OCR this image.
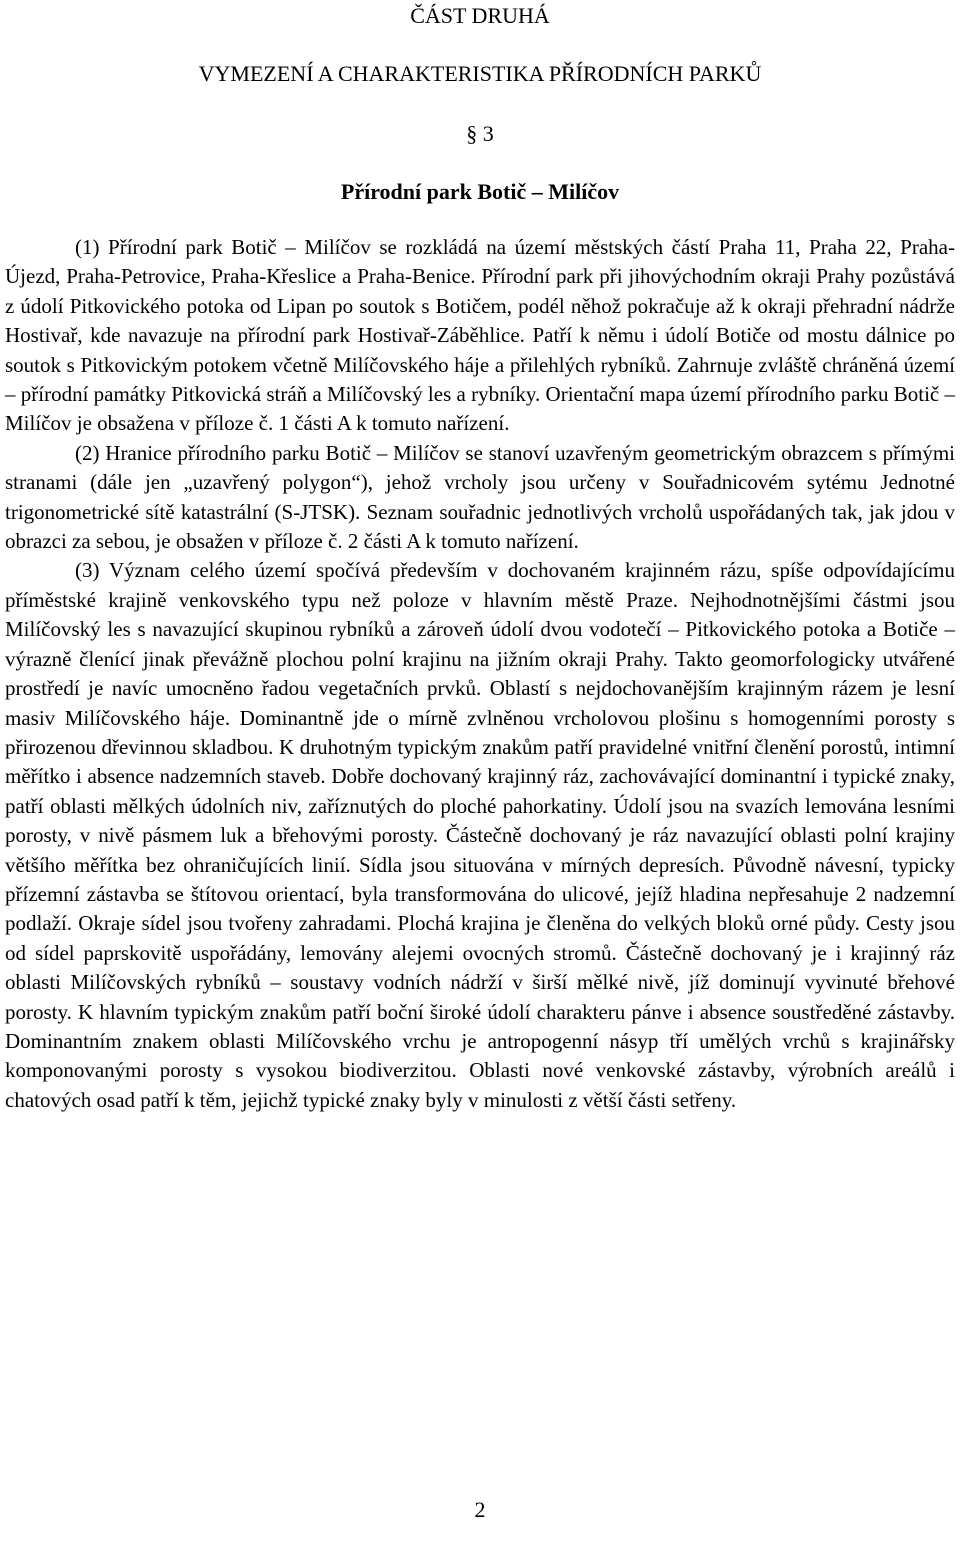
ČÁST DRUHÁ
VYMEZENÍ A CHARAKTERISTIKA PŘÍRODNÍCH PARKŮ
§ 3
Přírodní park Botič – Milíčov

(1) Přírodní park Botič – Milíčov se rozkládá na území městských částí Praha 11, Praha 22, Praha-Újezd, Praha-Petrovice, Praha-Křeslice a Praha-Benice. Přírodní park při jihovýchodním okraji Prahy pozůstává z údolí Pitkovického potoka od Lipan po soutok s Botičem, podél něhož pokračuje až k okraji přehradní nádrže Hostivař, kde navazuje na přírodní park Hostivař-Záběhlice. Patří k němu i údolí Botiče od mostu dálnice po soutok s Pitkovickým potokem včetně Milíčovského háje a přilehlých rybníků. Zahrnuje zvláště chráněná území – přírodní památky Pitkovická stráň a Milíčovský les a rybníky. Orientační mapa území přírodního parku Botič – Milíčov je obsažena v příloze č. 1 části A k tomuto nařízení.

(2) Hranice přírodního parku Botič – Milíčov se stanoví uzavřeným geometrickým obrazcem s přímými stranami (dále jen „uzavřený polygon“), jehož vrcholy jsou určeny v Souřadnicovém sytému Jednotné trigonometrické sítě katastrální (S-JTSK). Seznam souřadnic jednotlivých vrcholů uspořádaných tak, jak jdou v obrazci za sebou, je obsažen v příloze č. 2 části A k tomuto nařízení.

(3) Význam celého území spočívá především v dochovaném krajinném rázu, spíše odpovídajícímu příměstské krajině venkovského typu než poloze v hlavním městě Praze. Nejhodnotnějšími částmi jsou Milíčovský les s navazující skupinou rybníků a zároveň údolí dvou vodotečí – Pitkovického potoka a Botiče – výrazně členící jinak převážně plochou polní krajinu na jižním okraji Prahy. Takto geomorfologicky utvářené prostředí je navíc umocněno řadou vegetačních prvků. Oblastí s nejdochovanějším krajinným rázem je lesní masiv Milíčovského háje. Dominantně jde o mírně zvlněnou vrcholovou plošinu s homogenními porosty s přirozenou dřevinnou skladbou. K druhotným typickým znakům patří pravidelné vnitřní členění porostů, intimní měřítko i absence nadzemních staveb. Dobře dochovaný krajinný ráz, zachovávající dominantní i typické znaky, patří oblasti mělkých údolních niv, zaříznutých do ploché pahorkatiny. Údolí jsou na svazích lemována lesními porosty, v nivě pásmem luk a břehovými porosty. Částečně dochovaný je ráz navazující oblasti polní krajiny většího měřítka bez ohraničujících linií. Sídla jsou situována v mírných depresích. Původně návesní, typicky přízemní zástavba se štítovou orientací, byla transformována do ulicové, jejíž hladina nepřesahuje 2 nadzemní podlaží. Okraje sídel jsou tvořeny zahradami. Plochá krajina je členěna do velkých bloků orné půdy. Cesty jsou od sídel paprskovitě uspořádány, lemovány alejemi ovocných stromů. Částečně dochovaný je i krajinný ráz oblasti Milíčovských rybníků – soustavy vodních nádrží v širší mělké nivě, jíž dominují vyvinuté břehové porosty. K hlavním typickým znakům patří boční široké údolí charakteru pánve i absence soustředěné zástavby. Dominantním znakem oblasti Milíčovského vrchu je antropogenní násyp tří umělých vrchů s krajinářsky komponovanými porosty s vysokou biodiverzitou. Oblasti nové venkovské zástavby, výrobních areálů i chatových osad patří k těm, jejichž typické znaky byly v minulosti z větší části setřeny.

2
